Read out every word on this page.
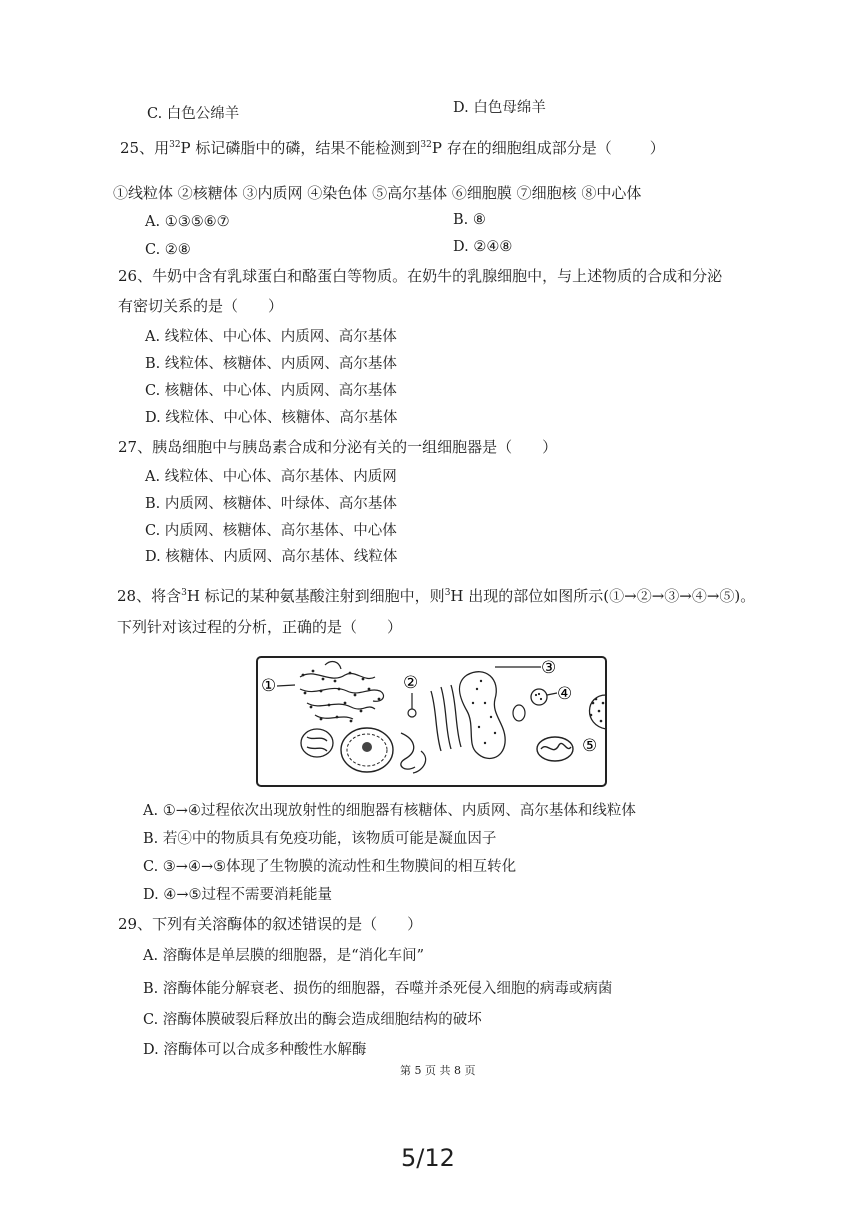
C. 白色公绵羊	D. 白色母绵羊
25、用$^{32}$P 标记磷脂中的磷，结果不能检测到$^{32}$P 存在的细胞组成部分是（	）
①线粒体 ②核糖体 ③内质网 ④染色体 ⑤高尔基体 ⑥细胞膜 ⑦细胞核 ⑧中心体
A. ①③⑤⑥⑦	B. ⑧
C. ②⑧	D. ②④⑧
26、牛奶中含有乳球蛋白和酪蛋白等物质。在奶牛的乳腺细胞中，与上述物质的合成和分泌
有密切关系的是（　　）
A. 线粒体、中心体、内质网、高尔基体
B. 线粒体、核糖体、内质网、高尔基体
C. 核糖体、中心体、内质网、高尔基体
D. 线粒体、中心体、核糖体、高尔基体
27、胰岛细胞中与胰岛素合成和分泌有关的一组细胞器是（　　）
A. 线粒体、中心体、高尔基体、内质网
B. 内质网、核糖体、叶绿体、高尔基体
C. 内质网、核糖体、高尔基体、中心体
D. 核糖体、内质网、高尔基体、线粒体
28、将含$^3$H 标记的某种氨基酸注射到细胞中，则$^3$H 出现的部位如图所示(①→②→③→④→⑤)。
下列针对该过程的分析，正确的是（　　）
①	②
③
④
⑤
A. ①→④过程依次出现放射性的细胞器有核糖体、内质网、高尔基体和线粒体
B. 若④中的物质具有免疫功能，该物质可能是凝血因子
C. ③→④→⑤体现了生物膜的流动性和生物膜间的相互转化
D. ④→⑤过程不需要消耗能量
29、下列有关溶酶体的叙述错误的是（　　）
A. 溶酶体是单层膜的细胞器，是“消化车间”
B. 溶酶体能分解衰老、损伤的细胞器，吞噬并杀死侵入细胞的病毒或病菌
C. 溶酶体膜破裂后释放出的酶会造成细胞结构的破坏
D. 溶酶体可以合成多种酸性水解酶
第 5 页 共 8 页
5/12
